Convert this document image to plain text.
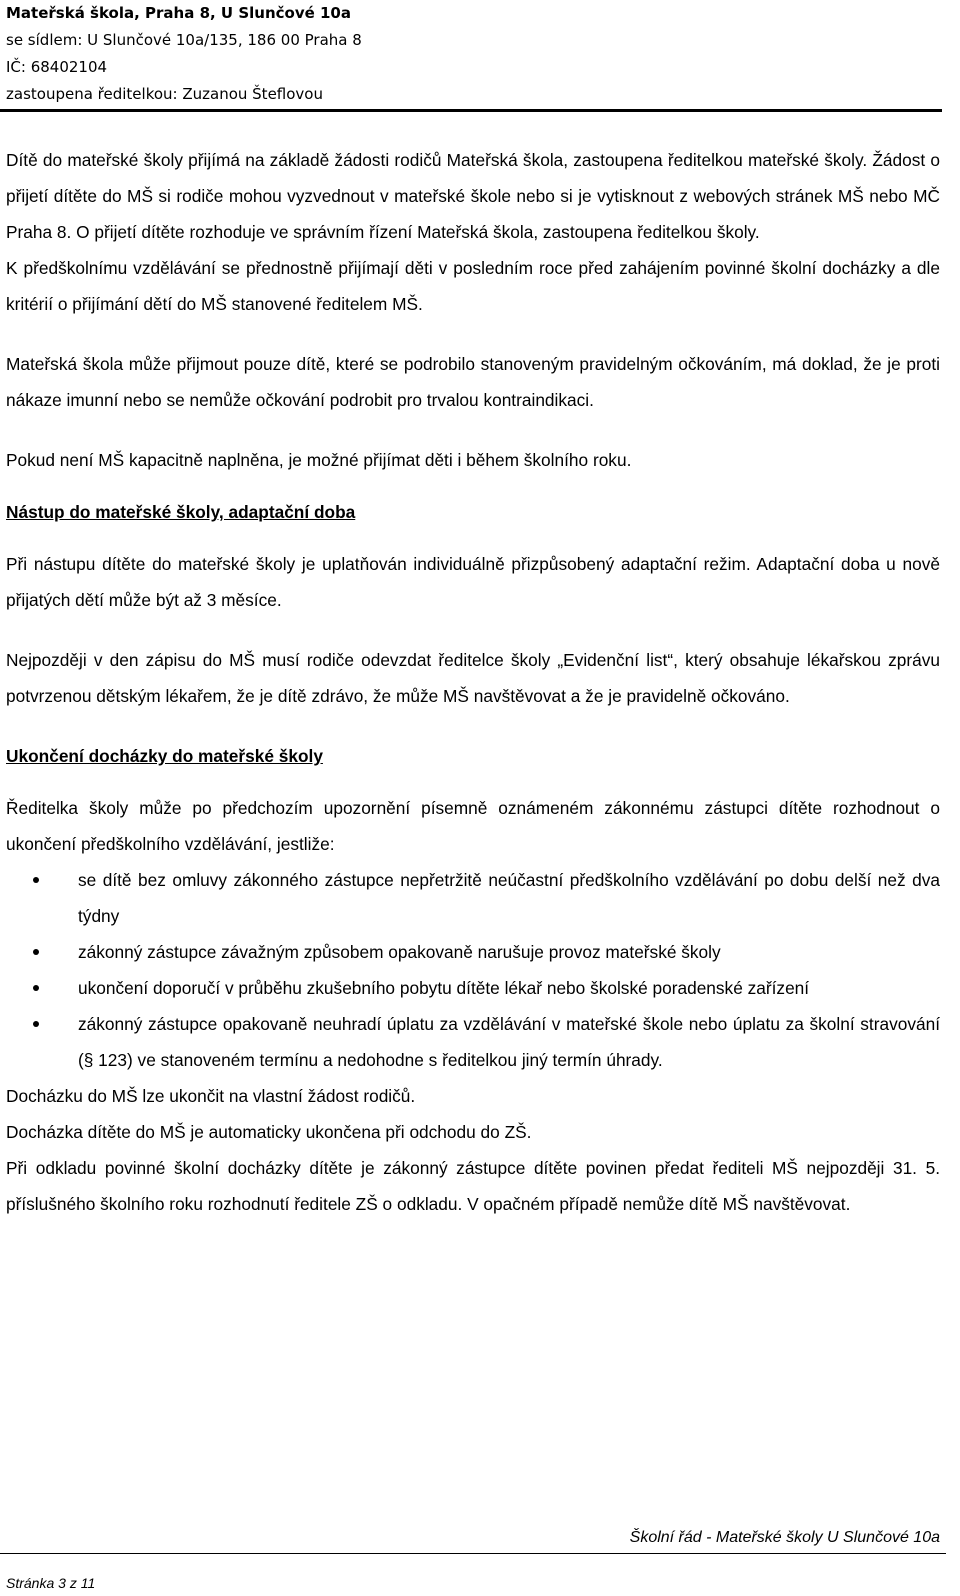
Mateřská škola, Praha 8, U Slunčové 10a
se sídlem: U Slunčové 10a/135, 186 00 Praha 8
IČ: 68402104
zastoupena ředitelkou: Zuzanou Šteflovou

Dítě do mateřské školy přijímá na základě žádosti rodičů Mateřská škola, zastoupena ředitelkou mateřské školy. Žádost o přijetí dítěte do MŠ si rodiče mohou vyzvednout v mateřské škole nebo si je vytisknout z webových stránek MŠ nebo MČ Praha 8. O přijetí dítěte rozhoduje ve správním řízení Mateřská škola, zastoupena ředitelkou školy.

K předškolnímu vzdělávání se přednostně přijímají děti v posledním roce před zahájením povinné školní docházky a dle kritérií o přijímání dětí do MŠ stanovené ředitelem MŠ.

Mateřská škola může přijmout pouze dítě, které se podrobilo stanoveným pravidelným očkováním, má doklad, že je proti nákaze imunní nebo se nemůže očkování podrobit pro trvalou kontraindikaci.

Pokud není MŠ kapacitně naplněna, je možné přijímat děti i během školního roku.

Nástup do mateřské školy, adaptační doba

Při nástupu dítěte do mateřské školy je uplatňován individuálně přizpůsobený adaptační režim. Adaptační doba u nově přijatých dětí může být až 3 měsíce.

Nejpozději v den zápisu do MŠ musí rodiče odevzdat ředitelce školy „Evidenční list“, který obsahuje lékařskou zprávu potvrzenou dětským lékařem, že je dítě zdrávo, že může MŠ navštěvovat a že je pravidelně očkováno.

Ukončení docházky do mateřské školy

Ředitelka školy může po předchozím upozornění písemně oznámeném zákonnému zástupci dítěte rozhodnout o ukončení předškolního vzdělávání, jestliže:

se dítě bez omluvy zákonného zástupce nepřetržitě neúčastní předškolního vzdělávání po dobu delší než dva týdny
zákonný zástupce závažným způsobem opakovaně narušuje provoz mateřské školy
ukončení doporučí v průběhu zkušebního pobytu dítěte lékař nebo školské poradenské zařízení
zákonný zástupce opakovaně neuhradí úplatu za vzdělávání v mateřské škole nebo úplatu za školní stravování (§ 123) ve stanoveném termínu a nedohodne s ředitelkou jiný termín úhrady.

Docházku do MŠ lze ukončit na vlastní žádost rodičů.

Docházka dítěte do MŠ je automaticky ukončena při odchodu do ZŠ.

Při odkladu povinné školní docházky dítěte je zákonný zástupce dítěte povinen předat řediteli MŠ nejpozději 31. 5. příslušného školního roku rozhodnutí ředitele ZŠ o odkladu. V opačném případě nemůže dítě MŠ navštěvovat.

Školní řád - Mateřské školy U Slunčové 10a
Stránka 3 z 11
